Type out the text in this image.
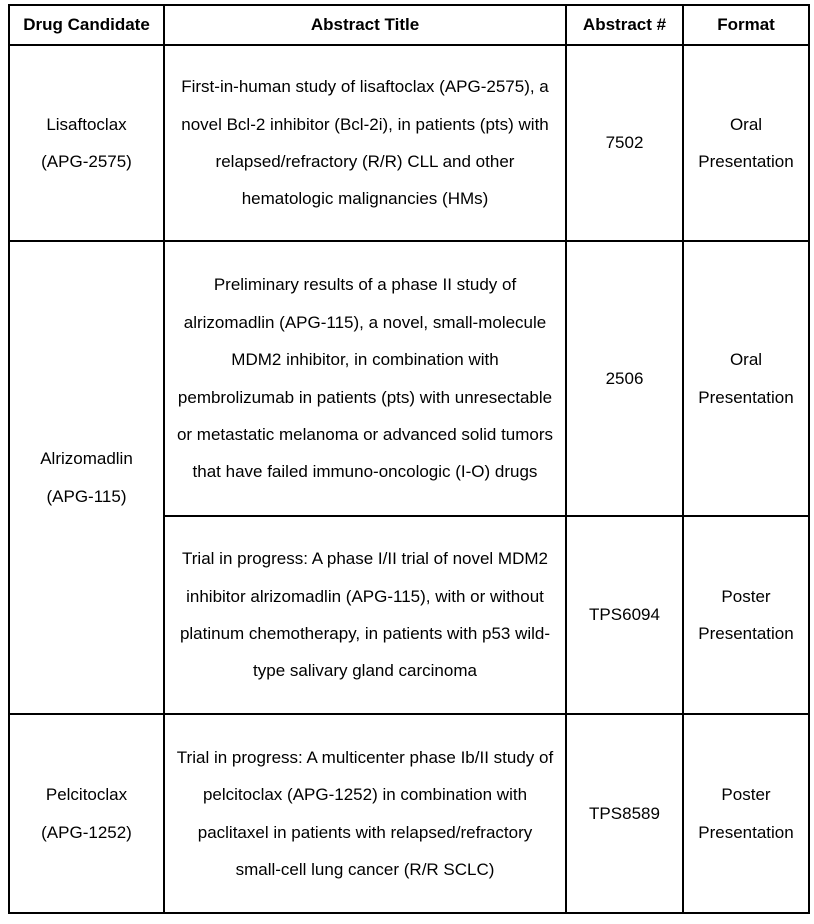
Drug Candidate	Abstract Title	Abstract #	Format

Lisaftoclax
(APG-2575)	First-in-human study of lisaftoclax (APG-2575), a novel Bcl-2 inhibitor (Bcl-2i), in patients (pts) with relapsed/refractory (R/R) CLL and other hematologic malignancies (HMs)	7502	Oral Presentation

Alrizomadlin
(APG-115)	Preliminary results of a phase II study of alrizomadlin (APG-115), a novel, small-molecule MDM2 inhibitor, in combination with pembrolizumab in patients (pts) with unresectable or metastatic melanoma or advanced solid tumors that have failed immuno-oncologic (I-O) drugs	2506	Oral Presentation
	Trial in progress: A phase I/II trial of novel MDM2 inhibitor alrizomadlin (APG-115), with or without platinum chemotherapy, in patients with p53 wild-type salivary gland carcinoma	TPS6094	Poster Presentation

Pelcitoclax
(APG-1252)	Trial in progress: A multicenter phase Ib/II study of pelcitoclax (APG-1252) in combination with paclitaxel in patients with relapsed/refractory small-cell lung cancer (R/R SCLC)	TPS8589	Poster Presentation
